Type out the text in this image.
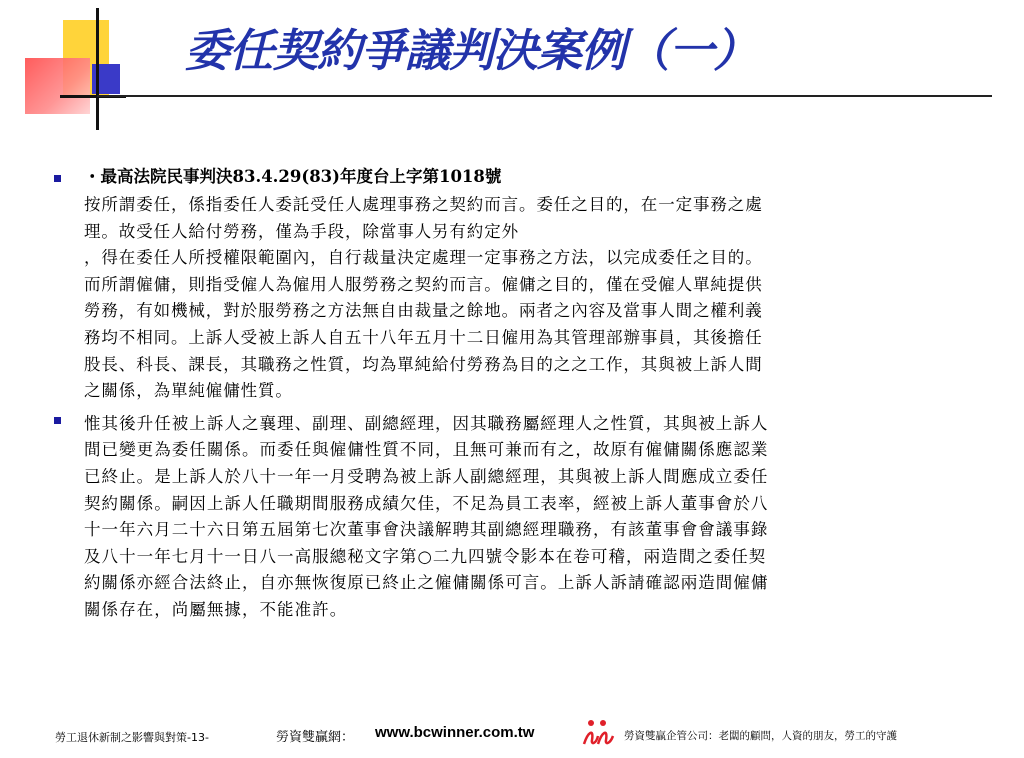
委任契約爭議判決案例（一）
・最高法院民事判決83.4.29(83)年度台上字第1018號

按所謂委任，係指委任人委託受任人處理事務之契約而言。委任之目的，在一定事務之處

理。故受任人給付勞務，僅為手段，除當事人另有約定外

，得在委任人所授權限範圍內，自行裁量決定處理一定事務之方法，以完成委任之目的。

而所謂僱傭，則指受僱人為僱用人服勞務之契約而言。僱傭之目的，僅在受僱人單純提供

勞務，有如機械，對於服勞務之方法無自由裁量之餘地。兩者之內容及當事人間之權利義

務均不相同。上訴人受被上訴人自五十八年五月十二日僱用為其管理部辦事員，其後擔任

股長、科長、課長，其職務之性質，均為單純給付勞務為目的之之工作，其與被上訴人間

之關係，為單純僱傭性質。

惟其後升任被上訴人之襄理、副理、副總經理，因其職務屬經理人之性質，其與被上訴人

間已變更為委任關係。而委任與僱傭性質不同，且無可兼而有之，故原有僱傭關係應認業

已終止。是上訴人於八十一年一月受聘為被上訴人副總經理，其與被上訴人間應成立委任

契約關係。嗣因上訴人任職期間服務成績欠佳，不足為員工表率，經被上訴人董事會於八

十一年六月二十六日第五屆第七次董事會決議解聘其副總經理職務，有該董事會會議事錄

及八十一年七月十一日八一高服總秘文字第○二九四號令影本在卷可稽，兩造間之委任契

約關係亦經合法終止，自亦無恢復原已終止之僱傭關係可言。上訴人訴請確認兩造間僱傭

關係存在，尚屬無據，不能准許。

勞工退休新制之影響與對策-13-	勞資雙贏網： www.bcwinner.com.tw	勞資雙贏企管公司：老闆的顧問，人資的朋友，勞工的守護
